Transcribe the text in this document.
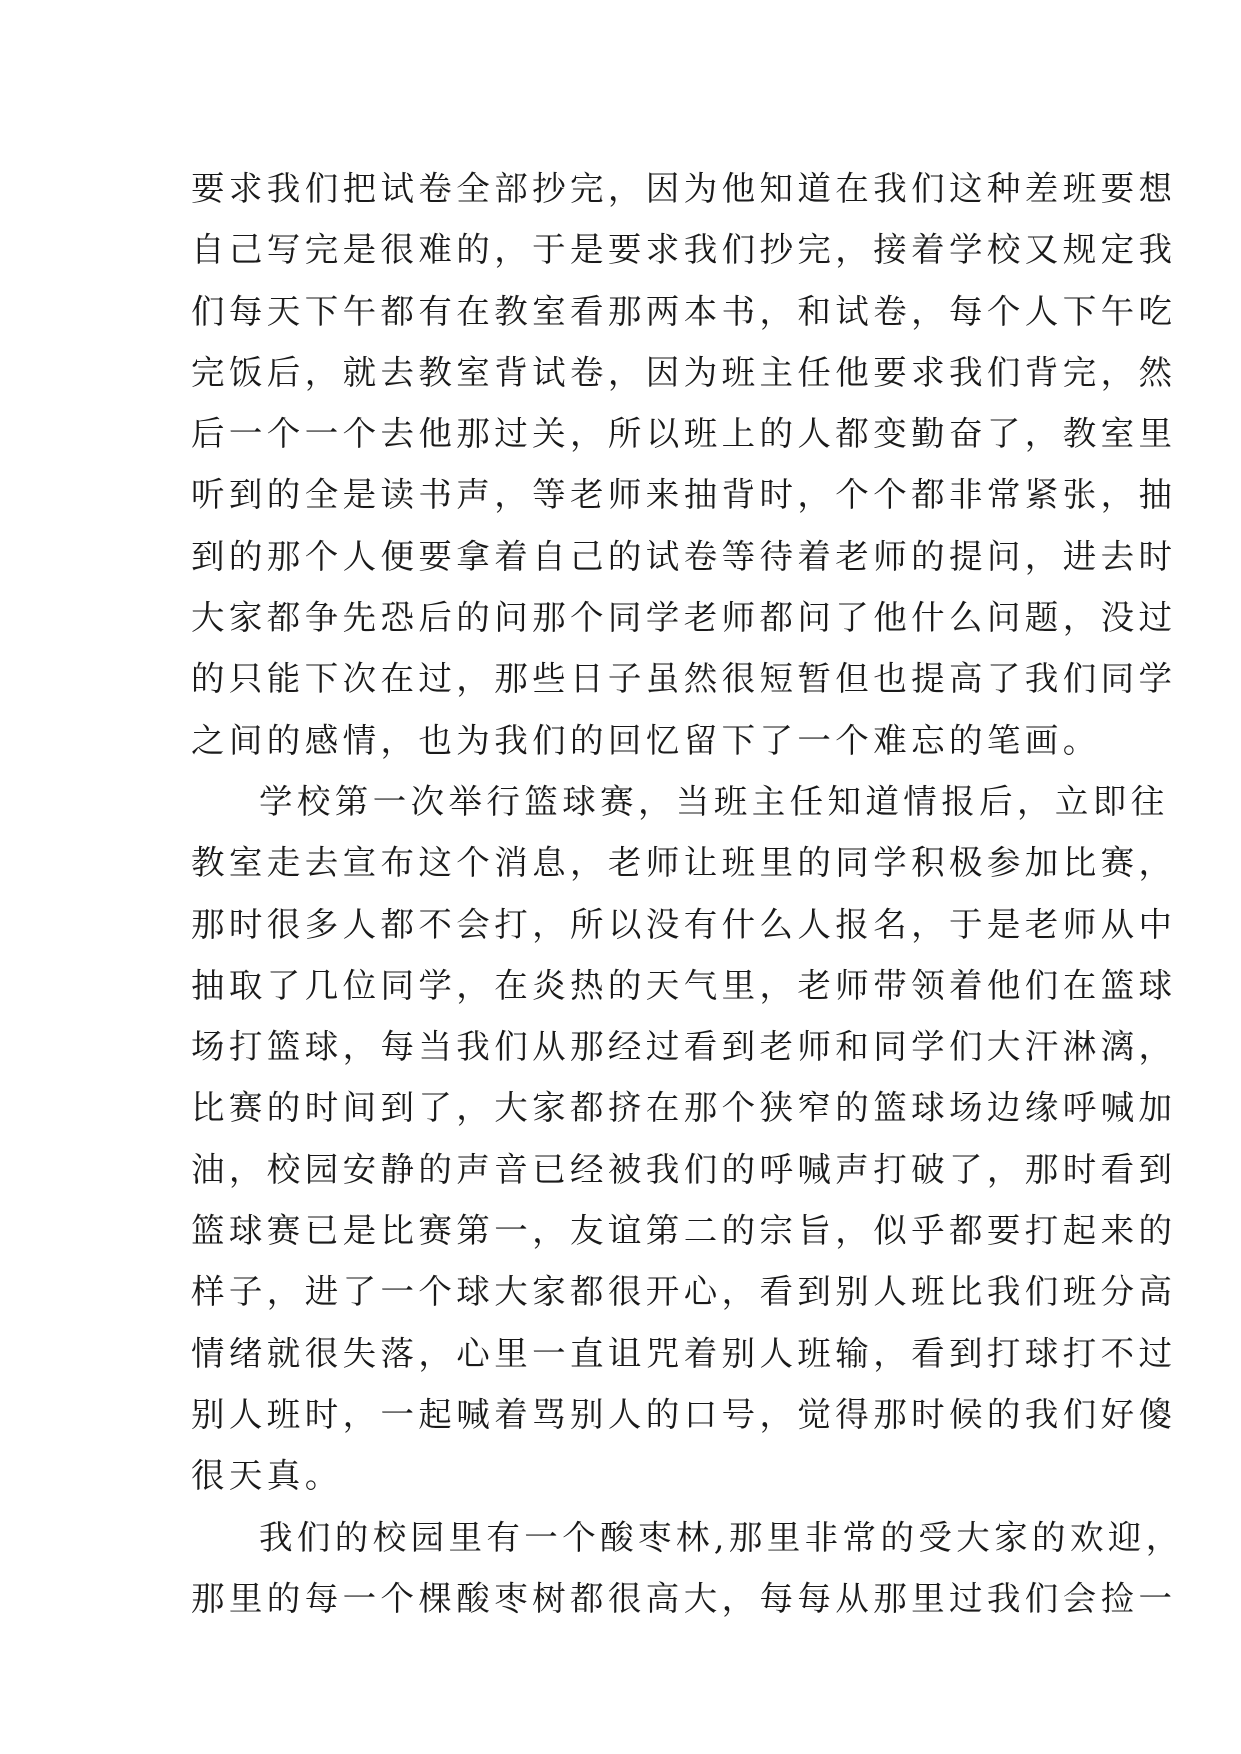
要求我们把试卷全部抄完，因为他知道在我们这种差班要想
自己写完是很难的，于是要求我们抄完，接着学校又规定我
们每天下午都有在教室看那两本书，和试卷，每个人下午吃
完饭后，就去教室背试卷，因为班主任他要求我们背完，然
后一个一个去他那过关，所以班上的人都变勤奋了，教室里
听到的全是读书声，等老师来抽背时，个个都非常紧张，抽
到的那个人便要拿着自己的试卷等待着老师的提问，进去时
大家都争先恐后的问那个同学老师都问了他什么问题，没过
的只能下次在过，那些日子虽然很短暂但也提高了我们同学
之间的感情，也为我们的回忆留下了一个难忘的笔画。
学校第一次举行篮球赛，当班主任知道情报后，立即往
教室走去宣布这个消息，老师让班里的同学积极参加比赛，
那时很多人都不会打，所以没有什么人报名，于是老师从中
抽取了几位同学，在炎热的天气里，老师带领着他们在篮球
场打篮球，每当我们从那经过看到老师和同学们大汗淋漓，
比赛的时间到了，大家都挤在那个狭窄的篮球场边缘呼喊加
油，校园安静的声音已经被我们的呼喊声打破了，那时看到
篮球赛已是比赛第一，友谊第二的宗旨，似乎都要打起来的
样子，进了一个球大家都很开心，看到别人班比我们班分高
情绪就很失落，心里一直诅咒着别人班输，看到打球打不过
别人班时，一起喊着骂别人的口号，觉得那时候的我们好傻
很天真。
我们的校园里有一个酸枣林,那里非常的受大家的欢迎，
那里的每一个棵酸枣树都很高大，每每从那里过我们会捡一
